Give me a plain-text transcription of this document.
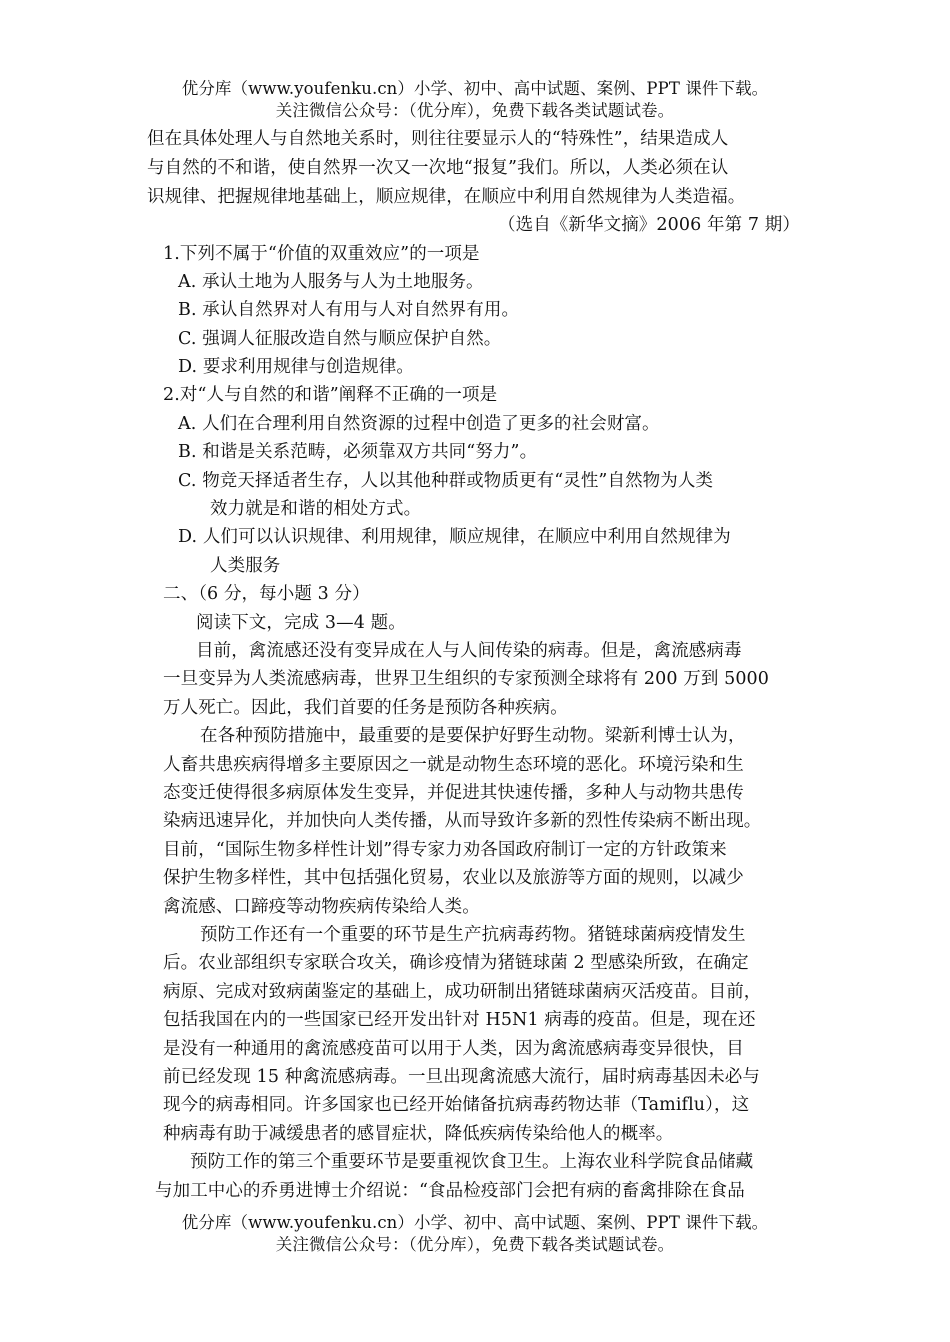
优分库（www.youfenku.cn）小学、初中、高中试题、案例、PPT 课件下载。

关注微信公众号：（优分库），免费下载各类试题试卷。

但在具体处理人与自然地关系时，则往往要显示人的“特殊性”，结果造成人

与自然的不和谐，使自然界一次又一次地“报复”我们。所以，人类必须在认

识规律、把握规律地基础上，顺应规律，在顺应中利用自然规律为人类造福。

（选自《新华文摘》2006 年第 7 期）

1.下列不属于“价值的双重效应”的一项是

A. 承认土地为人服务与人为土地服务。

B. 承认自然界对人有用与人对自然界有用。

C. 强调人征服改造自然与顺应保护自然。

D. 要求利用规律与创造规律。

2.对“人与自然的和谐”阐释不正确的一项是

A. 人们在合理利用自然资源的过程中创造了更多的社会财富。

B. 和谐是关系范畴，必须靠双方共同“努力”。

C. 物竞天择适者生存，人以其他种群或物质更有“灵性”自然物为人类

效力就是和谐的相处方式。

D. 人们可以认识规律、利用规律，顺应规律，在顺应中利用自然规律为

人类服务

二、（6 分，每小题 3 分）

阅读下文，完成 3—4 题。

目前，禽流感还没有变异成在人与人间传染的病毒。但是，禽流感病毒

一旦变异为人类流感病毒，世界卫生组织的专家预测全球将有 200 万到 5000

万人死亡。因此，我们首要的任务是预防各种疾病。

在各种预防措施中，最重要的是要保护好野生动物。梁新利博士认为，

人畜共患疾病得增多主要原因之一就是动物生态环境的恶化。环境污染和生

态变迁使得很多病原体发生变异，并促进其快速传播，多种人与动物共患传

染病迅速异化，并加快向人类传播，从而导致许多新的烈性传染病不断出现。

目前，“国际生物多样性计划”得专家力劝各国政府制订一定的方针政策来

保护生物多样性，其中包括强化贸易，农业以及旅游等方面的规则，以减少

禽流感、口蹄疫等动物疾病传染给人类。

预防工作还有一个重要的环节是生产抗病毒药物。猪链球菌病疫情发生

后。农业部组织专家联合攻关，确诊疫情为猪链球菌 2 型感染所致，在确定

病原、完成对致病菌鉴定的基础上，成功研制出猪链球菌病灭活疫苗。目前，

包括我国在内的一些国家已经开发出针对 H5N1 病毒的疫苗。但是，现在还

是没有一种通用的禽流感疫苗可以用于人类，因为禽流感病毒变异很快，目

前已经发现 15 种禽流感病毒。一旦出现禽流感大流行，届时病毒基因未必与

现今的病毒相同。许多国家也已经开始储备抗病毒药物达菲（Tamiflu），这

种病毒有助于减缓患者的感冒症状，降低疾病传染给他人的概率。

预防工作的第三个重要环节是要重视饮食卫生。上海农业科学院食品储藏

与加工中心的乔勇进博士介绍说：“食品检疫部门会把有病的畜禽排除在食品

优分库（www.youfenku.cn）小学、初中、高中试题、案例、PPT 课件下载。

关注微信公众号：（优分库），免费下载各类试题试卷。
